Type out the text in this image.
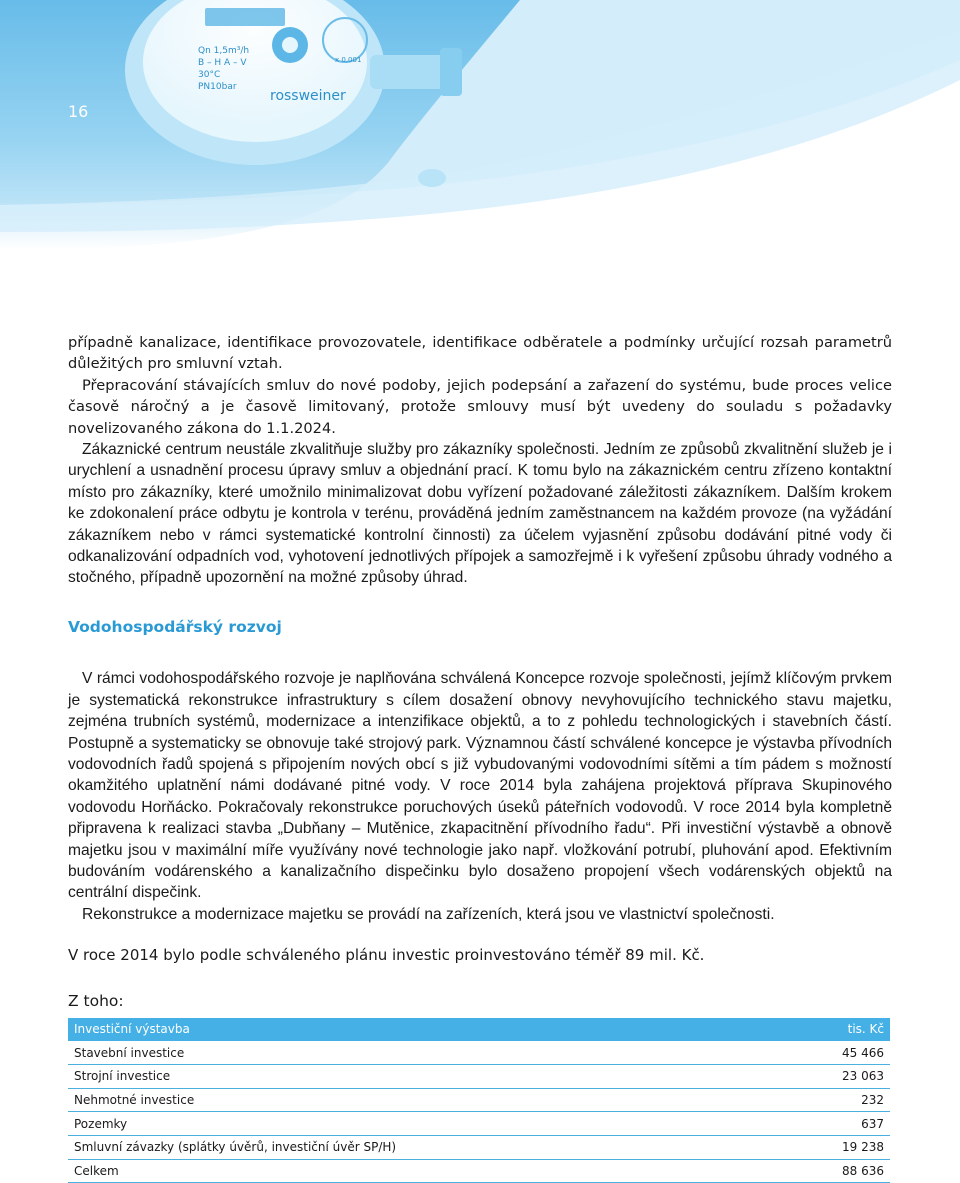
Qn 1,5m³/h
B – H A – V
30°C
PN10bar
x 0,001
rossweiner
16

případně kanalizace, identifikace provozovatele, identifikace odběratele a podmínky určující rozsah parametrů důležitých pro smluvní vztah.

Přepracování stávajících smluv do nové podoby, jejich podepsání a zařazení do systému, bude proces velice časově náročný a je časově limitovaný, protože smlouvy musí být uvedeny do souladu s požadavky novelizovaného zákona do 1.1.2024.

Zákaznické centrum neustále zkvalitňuje služby pro zákazníky společnosti. Jedním ze způsobů zkvalitnění služeb je i urychlení a usnadnění procesu úpravy smluv a objednání prací. K tomu bylo na zákaznickém centru zřízeno kontaktní místo pro zákazníky, které umožnilo minimalizovat dobu vyřízení požadované záležitosti zákazníkem. Dalším krokem ke zdokonalení práce odbytu je kontrola v terénu, prováděná jedním zaměstnancem na každém provoze (na vyžádání zákazníkem nebo v rámci systematické kontrolní činnosti) za účelem vyjasnění způsobu dodávání pitné vody či odkanalizování odpadních vod, vyhotovení jednotlivých přípojek a samozřejmě i k vyřešení způsobu úhrady vodného a stočného, případně upozornění na možné způsoby úhrad.

Vodohospodářský rozvoj

V rámci vodohospodářského rozvoje je naplňována schválená Koncepce rozvoje společnosti, jejímž klíčovým prvkem je systematická rekonstrukce infrastruktury s cílem dosažení obnovy nevyhovujícího technického stavu majetku, zejména trubních systémů, modernizace a intenzifikace objektů, a to z pohledu technologických i stavebních částí. Postupně a systematicky se obnovuje také strojový park. Významnou částí schválené koncepce je výstavba přívodních vodovodních řadů spojená s připojením nových obcí s již vybudovanými vodovodními sítěmi a tím pádem s možností okamžitého uplatnění námi dodávané pitné vody. V roce 2014 byla zahájena projektová příprava Skupinového vodovodu Horňácko. Pokračovaly rekonstrukce poruchových úseků páteřních vodovodů. V roce 2014 byla kompletně připravena k realizaci stavba „Dubňany – Mutěnice, zkapacitnění přívodního řadu“. Při investiční výstavbě a obnově majetku jsou v maximální míře využívány nové technologie jako např. vložkování potrubí, pluhování apod. Efektivním budováním vodárenského a kanalizačního dispečinku bylo dosaženo propojení všech vodárenských objektů na centrální dispečink.

Rekonstrukce a modernizace majetku se provádí na zařízeních, která jsou ve vlastnictví společnosti.

V roce 2014 bylo podle schváleného plánu investic proinvestováno téměř 89 mil. Kč.

Z toho:

Investiční výstavba	tis. Kč
Stavební investice	45 466
Strojní investice	23 063
Nehmotné investice	232
Pozemky	637
Smluvní závazky (splátky úvěrů, investiční úvěr SP/H)	19 238
Celkem	88 636
